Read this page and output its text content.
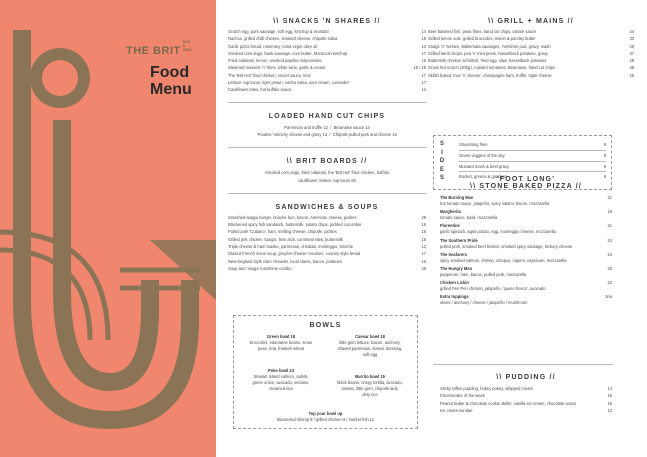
THE BRITBAR & GRILL
Food
Menu
\\ SNACKS 'N SHARES //
Scotch egg, pork sausage, soft egg, ketchup & mustard	14
Nachos, grilled chilli chicken, smoked cheese, chipotle salsa	18
Garlic pizza bread, rosemary, extra virgin olive oil	13
Smoked corn dogs, bank sausage, corn butter, Moroccan ketchup	17
Fried calamari, lemon, smoked paprika mayonnaise	16
Steamed mussels 'n' frites, white wine, garlic & cream	15 / 28
The 'Brit Hot' fried chicken, secret sauce, lime	17
Lettuce cup tacos, tiger prawn, nacho salsa, sour cream, coriander	17
Cauliflower bites, hot buffalo sauce	14
LOADED HAND CUT CHIPS
Parmesan and truffle 12  /  Béarnaise sauce 14
'Poutine' stretchy cheese and gravy 13  /  Chipotle pulled pork and cheese 16
\\ BRIT BOARDS //
Smoked corn dogs, fried calamari, the 'Brit Hot' fried chicken, buffalo
cauliflower, lettuce cup tacos 65
SANDWICHES & SOUPS
Smashed wagyu burger, brioche bun, bacon, American cheese, pickles	28
Blackened spicy fish sandwich, buttermilk, potato chips, pickled cucumber	16
Pulled pork 'Cubano', ham, melting cheese, chipotle, pickles	16
Grilled jerk chicken 'sanga', lime aioli, cornmeal slaw, buttermilk	16
Triple cheese & ham toastie, parmesan, cheddar, monteggio, brioche	13
Glazed French onion soup, gruyère cheese croutons, country style bread	17
New England style clam chowder, local clams, bacon, potatoes	16
Soup and 'sanga' lunchtime combo	26
BOWLS
Green bowl 18
broccolini, edamame beans, snow
peas, feta, freekeh wheat
Caesar bowl 18
little gem lettuce, bacon, anchovy,
shaved parmesan, classic dressing,
soft egg
Poke bowl 23
Stewart Island salmon, radish,
green onion, avocado, sesame,
steamed rice
Burrito bowl 15
black beans, crispy tortilla, avocado,
tomato, little gem, chipotle aioli,
dirty rice
Top your bowl up
blackened shrimp 9 / grilled chicken 9 / market fish 11
\\ GRILL + MAINS //
Beer battered fish, peas frites, hand cut chips, tartare sauce	24
Grilled lemon sole, grilled broccolini, lemon & parsley butter	33
Snags 'n' Yorkies, Waitemata sausages, Yorkshire pud, gravy, mash	28
Grilled lamb chops, pea 'n' mint pesto, hasselback potatoes, gravy	37
Buttermilk chicken schnitzel, fried egg, slaw, hasselback potatoes	29
Grass fed scotch (300g), roasted tomatoes, Béarnaise, hand cut chips	38
Skillet baked 'mac 'n' cheese', champagne ham, truffle, triple cheese	25
S
I
D
E
S
Shoestring fries	8
Green veggies of the day	9
Mustard mash & beef gravy	9
Rocket, greens & goddess	9
'FOOT LONG'
\\ STONE BAKED PIZZA //
The Burning Man	21
hot tomato sauce, jalapeño, spicy salami, bacon, mozzarella
Margherita	19
tomato sauce, basil, mozzarella
Florentine	21
garlic spinach, agria potato, egg, monteggio cheese, mozzarella
The Southern Pride	24
pulled pork, smoked beef brisket, smoked spicy sausage, hickory cheese
The Seafarers	24
spicy smoked salmon, shrimp, octopus, capers, capsicum, mozzarella
The Hungry Man	23
pepperoni, ham, bacon, pulled pork, mozzarella
Chicken Lickin	22
grilled Peri Peri chicken, jalapeño, 'queso fresco', avocado
Extra toppings	3ea
olives / anchovy / cheese / jalapeño / mushroom
\\ PUDDING //
Sticky toffee pudding, hokey pokey, whipped cream	14
Cheesecake of the week	16
Peanut butter & chocolate cookie skillet, vanilla ice-cream, chocolate sauce	16
Ice cream sundae	12
